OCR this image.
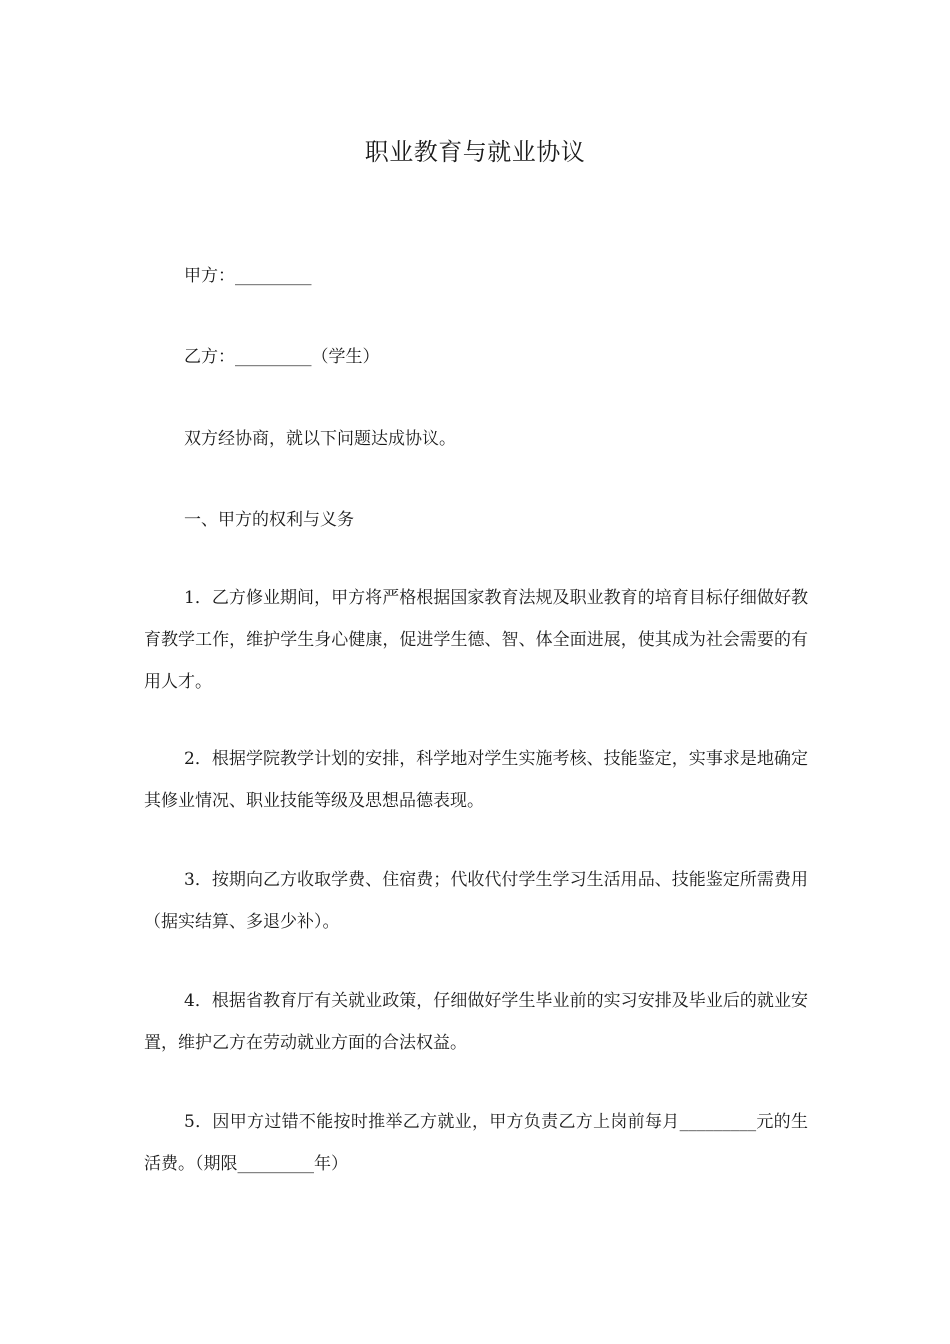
职业教育与就业协议

甲方：_________

乙方：_________（学生）

双方经协商，就以下问题达成协议。

一、甲方的权利与义务

1．乙方修业期间，甲方将严格根据国家教育法规及职业教育的培育目标仔细做好教育教学工作，维护学生身心健康，促进学生德、智、体全面进展，使其成为社会需要的有用人才。

2．根据学院教学计划的安排，科学地对学生实施考核、技能鉴定，实事求是地确定其修业情况、职业技能等级及思想品德表现。

3．按期向乙方收取学费、住宿费；代收代付学生学习生活用品、技能鉴定所需费用（据实结算、多退少补）。

4．根据省教育厅有关就业政策，仔细做好学生毕业前的实习安排及毕业后的就业安置，维护乙方在劳动就业方面的合法权益。

5．因甲方过错不能按时推举乙方就业，甲方负责乙方上岗前每月_________元的生活费。（期限_________年）
